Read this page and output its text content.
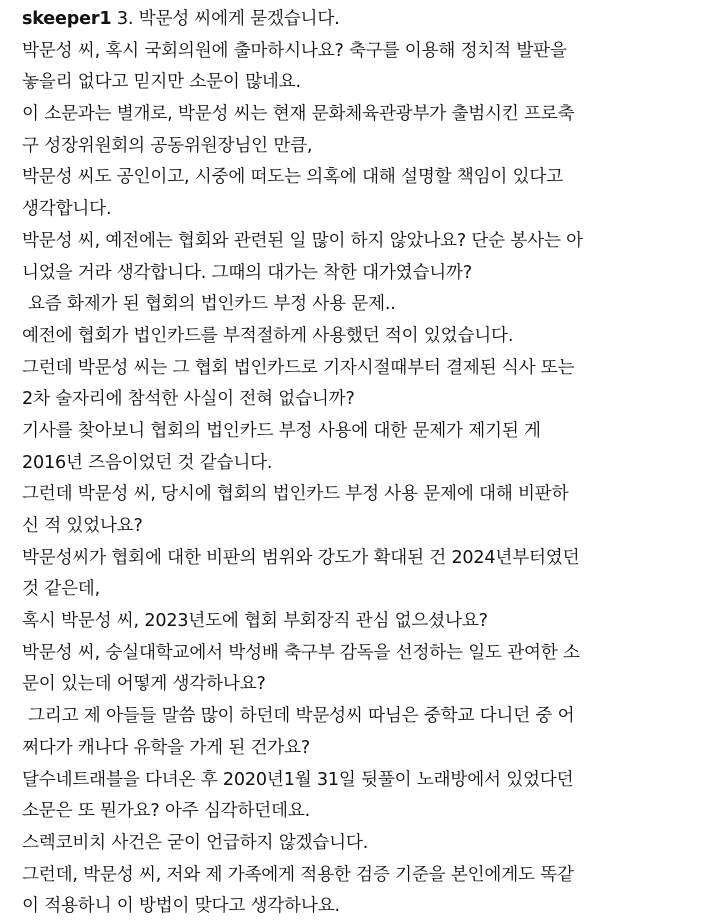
skeeper1 3. 박문성 씨에게 묻겠습니다.
박문성 씨, 혹시 국회의원에 출마하시나요? 축구를 이용해 정치적 발판을
놓을리 없다고 믿지만 소문이 많네요.
이 소문과는 별개로, 박문성 씨는 현재 문화체육관광부가 출범시킨 프로축
구 성장위원회의 공동위원장님인 만큼,
박문성 씨도 공인이고, 시중에 떠도는 의혹에 대해 설명할 책임이 있다고
생각합니다.
박문성 씨, 예전에는 협회와 관련된 일 많이 하지 않았나요? 단순 봉사는 아
니었을 거라 생각합니다. 그때의 대가는 착한 대가였습니까?
요즘 화제가 된 협회의 법인카드 부정 사용 문제..
예전에 협회가 법인카드를 부적절하게 사용했던 적이 있었습니다.
그런데 박문성 씨는 그 협회 법인카드로 기자시절때부터 결제된 식사 또는
2차 술자리에 참석한 사실이 전혀 없습니까?
기사를 찾아보니 협회의 법인카드 부정 사용에 대한 문제가 제기된 게
2016년 즈음이었던 것 같습니다.
그런데 박문성 씨, 당시에 협회의 법인카드 부정 사용 문제에 대해 비판하
신 적 있었나요?
박문성씨가 협회에 대한 비판의 범위와 강도가 확대된 건 2024년부터였던
것 같은데,
혹시 박문성 씨, 2023년도에 협회 부회장직 관심 없으셨나요?
박문성 씨, 숭실대학교에서 박성배 축구부 감독을 선정하는 일도 관여한 소
문이 있는데 어떻게 생각하나요?
그리고 제 아들들 말씀 많이 하던데 박문성씨 따님은 중학교 다니던 중 어
쩌다가 캐나다 유학을 가게 된 건가요?
달수네트래블을 다녀온 후 2020년1월 31일 뒷풀이 노래방에서 있었다던
소문은 또 뭔가요? 아주 심각하던데요.
스렉코비치 사건은 굳이 언급하지 않겠습니다.
그런데, 박문성 씨, 저와 제 가족에게 적용한 검증 기준을 본인에게도 똑같
이 적용하니 이 방법이 맞다고 생각하나요.
